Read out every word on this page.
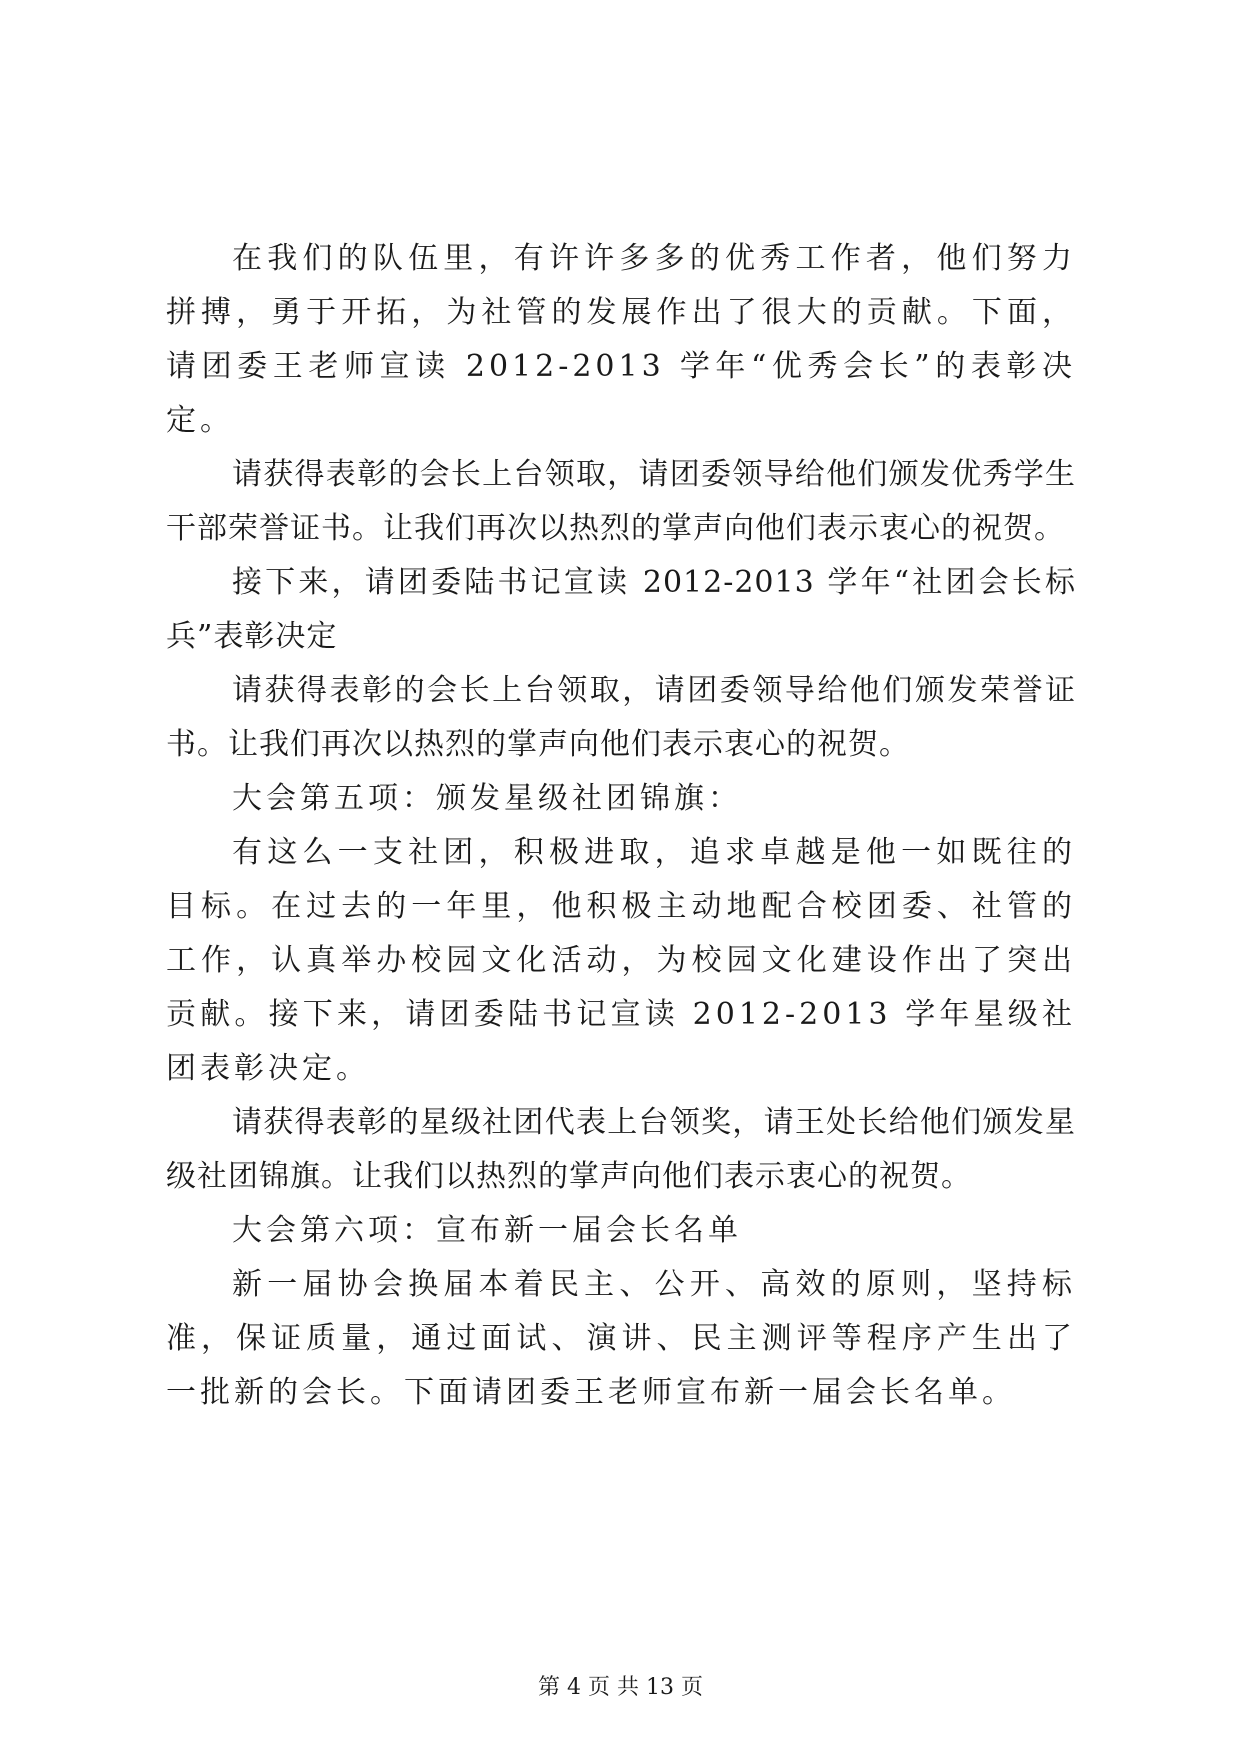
在我们的队伍里，有许许多多的优秀工作者，他们努力拼搏，勇于开拓，为社管的发展作出了很大的贡献。下面，请团委王老师宣读 2012-2013 学年“优秀会长”的表彰决定。

请获得表彰的会长上台领取，请团委领导给他们颁发优秀学生干部荣誉证书。让我们再次以热烈的掌声向他们表示衷心的祝贺。

接下来，请团委陆书记宣读 2012-2013 学年“社团会长标兵”表彰决定

请获得表彰的会长上台领取，请团委领导给他们颁发荣誉证书。让我们再次以热烈的掌声向他们表示衷心的祝贺。

大会第五项：颁发星级社团锦旗：

有这么一支社团，积极进取，追求卓越是他一如既往的目标。在过去的一年里，他积极主动地配合校团委、社管的工作，认真举办校园文化活动，为校园文化建设作出了突出贡献。接下来，请团委陆书记宣读 2012-2013 学年星级社团表彰决定。

请获得表彰的星级社团代表上台领奖，请王处长给他们颁发星级社团锦旗。让我们以热烈的掌声向他们表示衷心的祝贺。

大会第六项：宣布新一届会长名单

新一届协会换届本着民主、公开、高效的原则，坚持标准，保证质量，通过面试、演讲、民主测评等程序产生出了一批新的会长。下面请团委王老师宣布新一届会长名单。

第 4 页 共 13 页
